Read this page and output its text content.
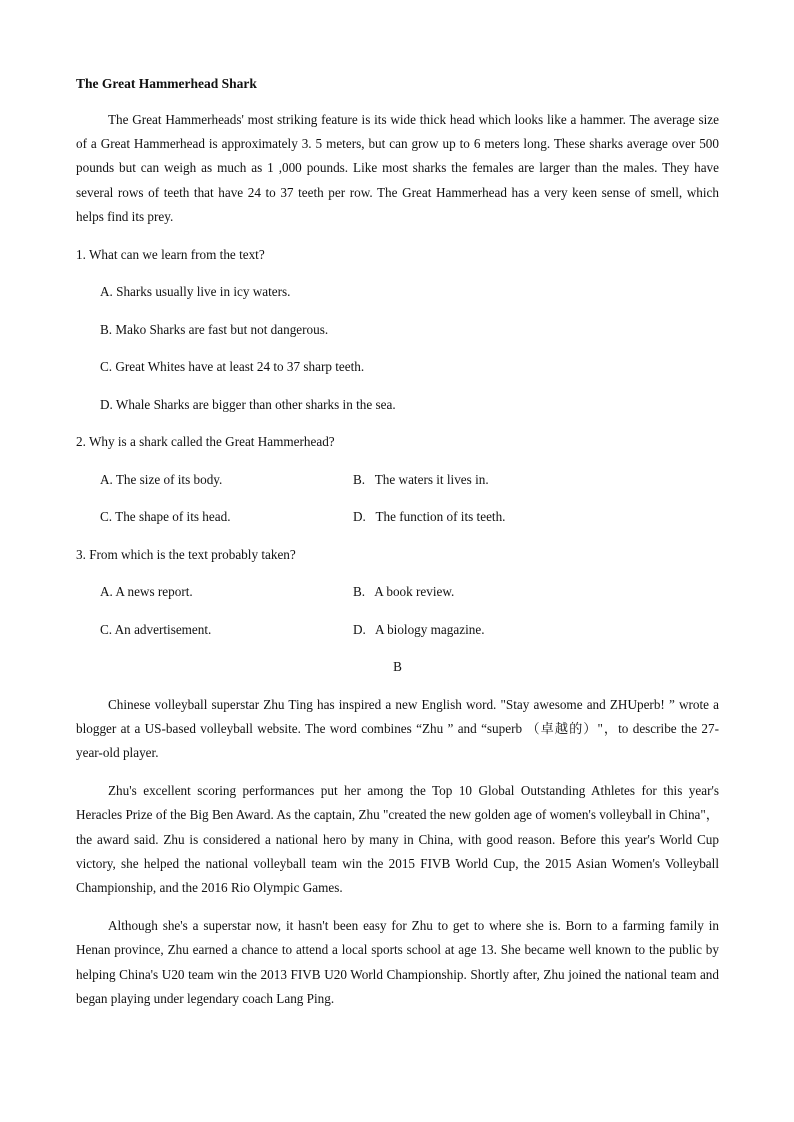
The Great Hammerhead Shark

The Great Hammerheads' most striking feature is its wide thick head which looks like a hammer. The average size of a Great Hammerhead is approximately 3. 5 meters, but can grow up to 6 meters long. These sharks average over 500 pounds but can weigh as much as 1 ,000 pounds. Like most sharks the females are larger than the males. They have several rows of teeth that have 24 to 37 teeth per row. The Great Hammerhead has a very keen sense of smell, which helps find its prey.

1. What can we learn from the text?

A. Sharks usually live in icy waters.

B. Mako Sharks are fast but not dangerous.

C. Great Whites have at least 24 to 37 sharp teeth.

D. Whale Sharks are bigger than other sharks in the sea.

2. Why is a shark called the Great Hammerhead?

A. The size of its body.	B.   The waters it lives in.
C. The shape of its head.	D.   The function of its teeth.

3. From which is the text probably taken?

A. A news report.	B.   A book review.
C. An advertisement.	D.   A biology magazine.

B

Chinese volleyball superstar Zhu Ting has inspired a new English word. "Stay awesome and ZHUperb! ” wrote a blogger at a US-based volleyball website. The word combines “Zhu ” and “superb （卓越的）"，to describe the 27-year-old player.

Zhu's excellent scoring performances put her among the Top 10 Global Outstanding Athletes for this year's Heracles Prize of the Big Ben Award. As the captain, Zhu "created the new golden age of women's volleyball in China"， the award said. Zhu is considered a national hero by many in China, with good reason. Before this year's World Cup victory, she helped the national volleyball team win the 2015 FIVB World Cup, the 2015 Asian Women's Volleyball Championship, and the 2016 Rio Olympic Games.

Although she's a superstar now, it hasn't been easy for Zhu to get to where she is. Born to a farming family in Henan province, Zhu earned a chance to attend a local sports school at age 13. She became well known to the public by helping China's U20 team win the 2013 FIVB U20 World Championship. Shortly after, Zhu joined the national team and began playing under legendary coach Lang Ping.
